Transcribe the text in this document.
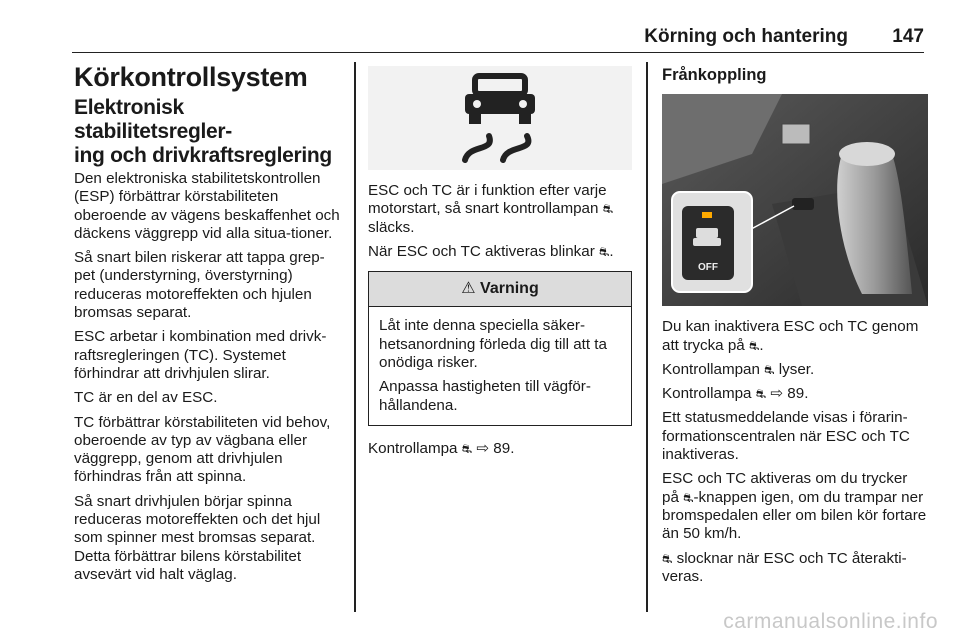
Körning och hantering 147
Körkontrollsystem
Elektronisk stabilitetsregler-
ing och drivkraftsreglering

Den elektroniska stabilitetskontrollen (ESP) förbättrar körstabiliteten oberoende av vägens beskaffenhet och däckens väggrepp vid alla situa-tioner.

Så snart bilen riskerar att tappa grep-pet (understyrning, överstyrning) reduceras motoreffekten och hjulen bromsas separat.

ESC arbetar i kombination med drivk-raftsregleringen (TC). Systemet förhindrar att drivhjulen slirar.

TC är en del av ESC.

TC förbättrar körstabiliteten vid behov, oberoende av typ av vägbana eller väggrepp, genom att drivhjulen förhindras från att spinna.

Så snart drivhjulen börjar spinna reduceras motoreffekten och det hjul som spinner mest bromsas separat. Detta förbättrar bilens körstabilitet avsevärt vid halt väglag.

ESC och TC är i funktion efter varje motorstart, så snart kontrollampan ⛐
släcks.

När ESC och TC aktiveras blinkar ⛐.

⚠ Varning

Låt inte denna speciella säker-hetsanordning förleda dig till att ta onödiga risker.

Anpassa hastigheten till vägför-hållandena.

Kontrollampa ⛐ ⇨ 89.

Frånkoppling
OFF

Du kan inaktivera ESC och TC genom att trycka på ⛐.

Kontrollampan ⛐ lyser.

Kontrollampa ⛐ ⇨ 89.

Ett statusmeddelande visas i förarin-formationscentralen när ESC och TC inaktiveras.

ESC och TC aktiveras om du trycker på ⛐-knappen igen, om du trampar ner bromspedalen eller om bilen kör fortare än 50 km/h.

⛐ slocknar när ESC och TC återakti-veras.

carmanualsonline.info
